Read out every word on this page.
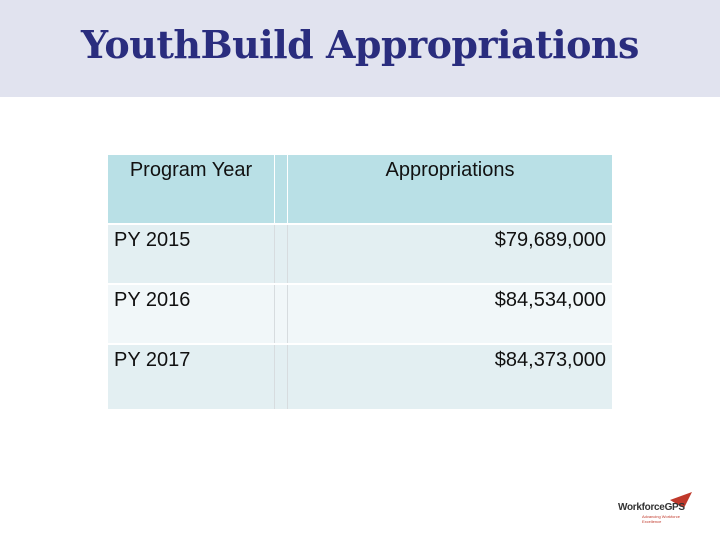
YouthBuild Appropriations
Program Year		Appropriations
PY 2015		$79,689,000
PY 2016		$84,534,000
PY 2017		$84,373,000
WorkforceGPS
Advancing Workforce Excellence
